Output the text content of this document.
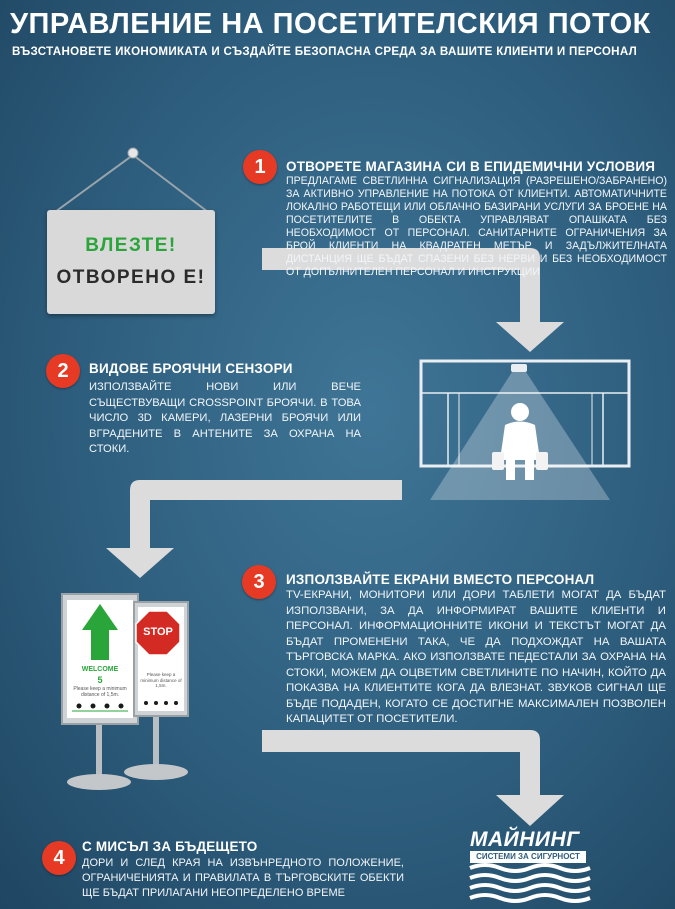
УПРАВЛЕНИЕ НА ПОСЕТИТЕЛСКИЯ ПОТОК
ВЪЗСТАНОВЕТЕ ИКОНОМИКАТА И СЪЗДАЙТЕ БЕЗОПАСНА СРЕДА ЗА ВАШИТЕ КЛИЕНТИ И ПЕРСОНАЛ
ВЛЕЗТЕ!
ОТВОРЕНО Е!
WELCOME
5
Please keep a minimum distance of 1,5m.
STOP
Please keep a minimum distance of 1,5m.
1	ОТВОРЕТЕ МАГАЗИНА СИ В ЕПИДЕМИЧНИ УСЛОВИЯ
ПРЕДЛАГАМЕ СВЕТЛИННА СИГНАЛИЗАЦИЯ (РАЗРЕШЕНО/ЗАБРАНЕНО) ЗА АКТИВНО УПРАВЛЕНИЕ НА ПОТОКА ОТ КЛИЕНТИ. АВТОМАТИЧНИТЕ ЛОКАЛНО РАБОТЕЩИ ИЛИ ОБЛАЧНО БАЗИРАНИ УСЛУГИ ЗА БРОЕНЕ НА ПОСЕТИТЕЛИТЕ В ОБЕКТА УПРАВЛЯВАТ ОПАШКАТА БЕЗ НЕОБХОДИМОСТ ОТ ПЕРСОНАЛ. САНИТАРНИТЕ ОГРАНИЧЕНИЯ ЗА БРОЙ КЛИЕНТИ НА КВАДРАТЕН МЕТЪР И ЗАДЪЛЖИТЕЛНАТА ДИСТАНЦИЯ ЩЕ БЪДАТ СПАЗЕНИ БЕЗ НЕРВИ И БЕЗ НЕОБХОДИМОСТ ОТ ДОПЪЛНИТЕЛЕН ПЕРСОНАЛ И ИНСТРУКЦИИ
2	ВИДОВЕ БРОЯЧНИ СЕНЗОРИ
ИЗПОЛЗВАЙТЕ НОВИ ИЛИ ВЕЧЕ СЪЩЕСТВУВАЩИ CROSSPOINT БРОЯЧИ. В ТОВА ЧИСЛО 3D КАМЕРИ, ЛАЗЕРНИ БРОЯЧИ ИЛИ ВГРАДЕНИТЕ В АНТЕНИТЕ ЗА ОХРАНА НА СТОКИ.
3	ИЗПОЛЗВАЙТЕ ЕКРАНИ ВМЕСТО ПЕРСОНАЛ
TV-ЕКРАНИ, МОНИТОРИ ИЛИ ДОРИ ТАБЛЕТИ МОГАТ ДА БЪДАТ ИЗПОЛЗВАНИ, ЗА ДА ИНФОРМИРАТ ВАШИТЕ КЛИЕНТИ И ПЕРСОНАЛ. ИНФОРМАЦИОННИТЕ ИКОНИ И ТЕКСТЪТ МОГАТ ДА БЪДАТ ПРОМЕНЕНИ ТАКА, ЧЕ ДА ПОДХОЖДАТ НА ВАШАТА ТЪРГОВСКА МАРКА. АКО ИЗПОЛЗВАТЕ ПЕДЕСТАЛИ ЗА ОХРАНА НА СТОКИ, МОЖЕМ ДА ОЦВЕТИМ СВЕТЛИНИТЕ ПО НАЧИН, КОЙТО ДА ПОКАЗВА НА КЛИЕНТИТЕ КОГА ДА ВЛЕЗНАТ. ЗВУКОВ СИГНАЛ ЩЕ БЪДЕ ПОДАДЕН, КОГАТО СЕ ДОСТИГНЕ МАКСИМАЛЕН ПОЗВОЛЕН КАПАЦИТЕТ ОТ ПОСЕТИТЕЛИ.
4	С МИСЪЛ ЗА БЪДЕЩЕТО
ДОРИ И СЛЕД КРАЯ НА ИЗВЪНРЕДНОТО ПОЛОЖЕНИЕ, ОГРАНИЧЕНИЯТА И ПРАВИЛАТА В ТЪРГОВСКИТЕ ОБЕКТИ ЩЕ БЪДАТ ПРИЛАГАНИ НЕОПРЕДЕЛЕНО ВРЕМЕ
МАЙНИНГ
СИСТЕМИ ЗА СИГУРНОСТ
